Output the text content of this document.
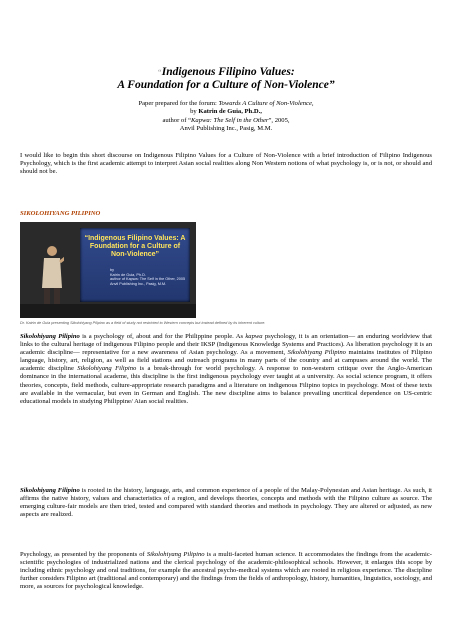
“Indigenous Filipino Values:
A Foundation for a Culture of Non-Violence”
Paper prepared for the forum: Towards A Culture of Non-Violence,
by Katrin de Guia, Ph.D.,
author of “Kapwa: The Self in the Other”, 2005,
Anvil Publishing Inc., Pasig, M.M.

I would like to begin this short discourse on Indigenous Filipino Values for a Culture of Non-Violence with a brief introduction of Filipino Indigenous Psychology, which is the first academic attempt to interpret Asian social realities along Non Western notions of what psychology is, or is not, or should and should not be.

SIKOLOHIYANG PILIPINO
“Indigenous Filipino Values: A Foundation for a Culture of Non-Violence”
by
Katrin de Guia, Ph.D.
author of Kapwa: The Self in the Other, 2005
Anvil Publishing Inc., Pasig, M.M.
Dr. Katrin de Guia presenting Sikolohiyang Pilipino as a field of study not restricted to Western concepts but instead defined by its inherent culture.

Sikolohiyang Pilipino is a psychology of, about and for the Philippine people. As kapwa psychology, it is an orientation— an enduring worldview that links to the cultural heritage of indigenous Filipino people and their IKSP (Indigenous Knowledge Systems and Practices). As liberation psychology it is an academic discipline— representative for a new awareness of Asian psychology. As a movement, Sikolohiyang Pilipino maintains institutes of Filipino language, history, art, religion, as well as field stations and outreach programs in many parts of the country and at campuses around the world. The academic discipline Sikolohiyang Filipino is a break-through for world psychology. A response to non-western critique over the Anglo-American dominance in the international academe, this discipline is the first indigenous psychology ever taught at a university. As social science program, it offers theories, concepts, field methods, culture-appropriate research paradigms and a literature on indigenous Filipino topics in psychology. Most of these texts are available in the vernacular, but even in German and English. The new discipline aims to balance prevailing uncritical dependence on US-centric educational models in studying Philippine/ Aian social realities.

Sikolohiyang Filipino is rooted in the history, language, arts, and common experience of a people of the Malay-Polynesian and Asian heritage. As such, it affirms the native history, values and characteristics of a region, and develops theories, concepts and methods with the Filipino culture as source. The emerging culture-fair models are then tried, tested and compared with standard theories and methods in psychology. They are altered or adjusted, as new aspects are realized.

Psychology, as presented by the proponents of Sikolohiyang Pilipino is a multi-faceted human science. It accommodates the findings from the academic-scientific psychologies of industrialized nations and the clerical psychology of the academic-philosophical schools. However, it enlarges this scope by including ethnic psychology and oral traditions, for example the ancestral psycho-medical systems which are rooted in religious experience. The discipline further considers Filipino art (traditional and contemporary) and the findings from the fields of anthropology, history, humanities, linguistics, sociology, and more, as sources for psychological knowledge.
